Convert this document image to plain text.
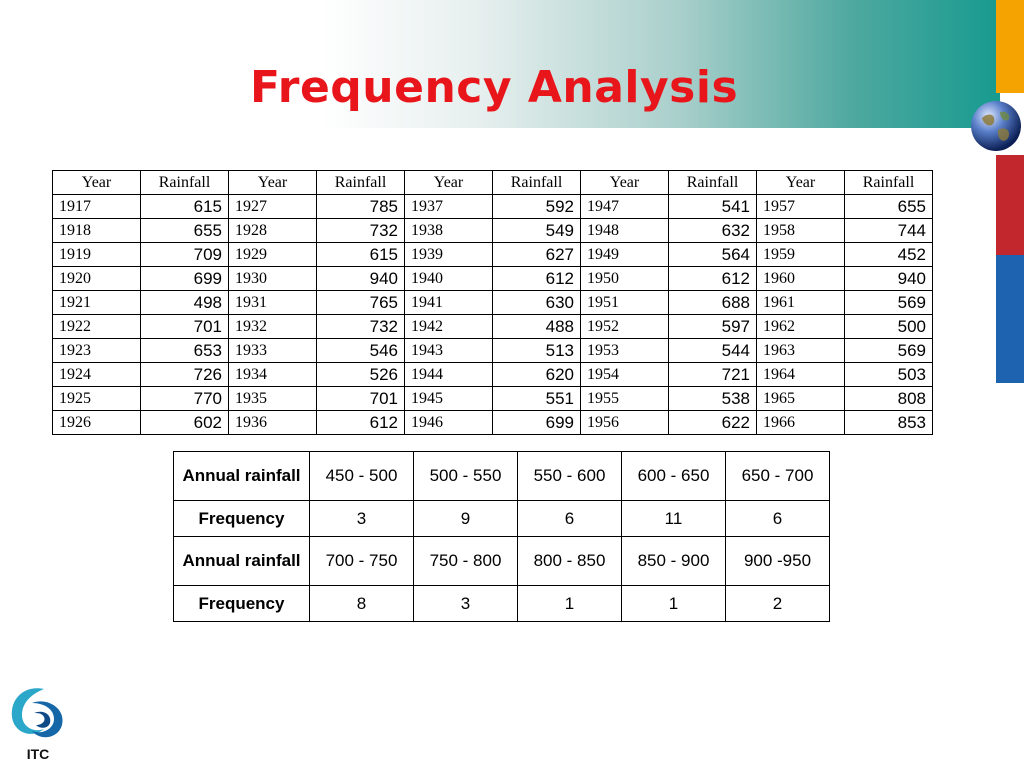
Frequency Analysis
Year	Rainfall	Year	Rainfall	Year	Rainfall	Year	Rainfall	Year	Rainfall
1917	615	1927	785	1937	592	1947	541	1957	655
1918	655	1928	732	1938	549	1948	632	1958	744
1919	709	1929	615	1939	627	1949	564	1959	452
1920	699	1930	940	1940	612	1950	612	1960	940
1921	498	1931	765	1941	630	1951	688	1961	569
1922	701	1932	732	1942	488	1952	597	1962	500
1923	653	1933	546	1943	513	1953	544	1963	569
1924	726	1934	526	1944	620	1954	721	1964	503
1925	770	1935	701	1945	551	1955	538	1965	808
1926	602	1936	612	1946	699	1956	622	1966	853
Annual rainfall	450 - 500	500 - 550	550 - 600	600 - 650	650 - 700
Frequency	3	9	6	11	6
Annual rainfall	700 - 750	750 - 800	800 - 850	850 - 900	900 -950
Frequency	8	3	1	1	2
ITC
